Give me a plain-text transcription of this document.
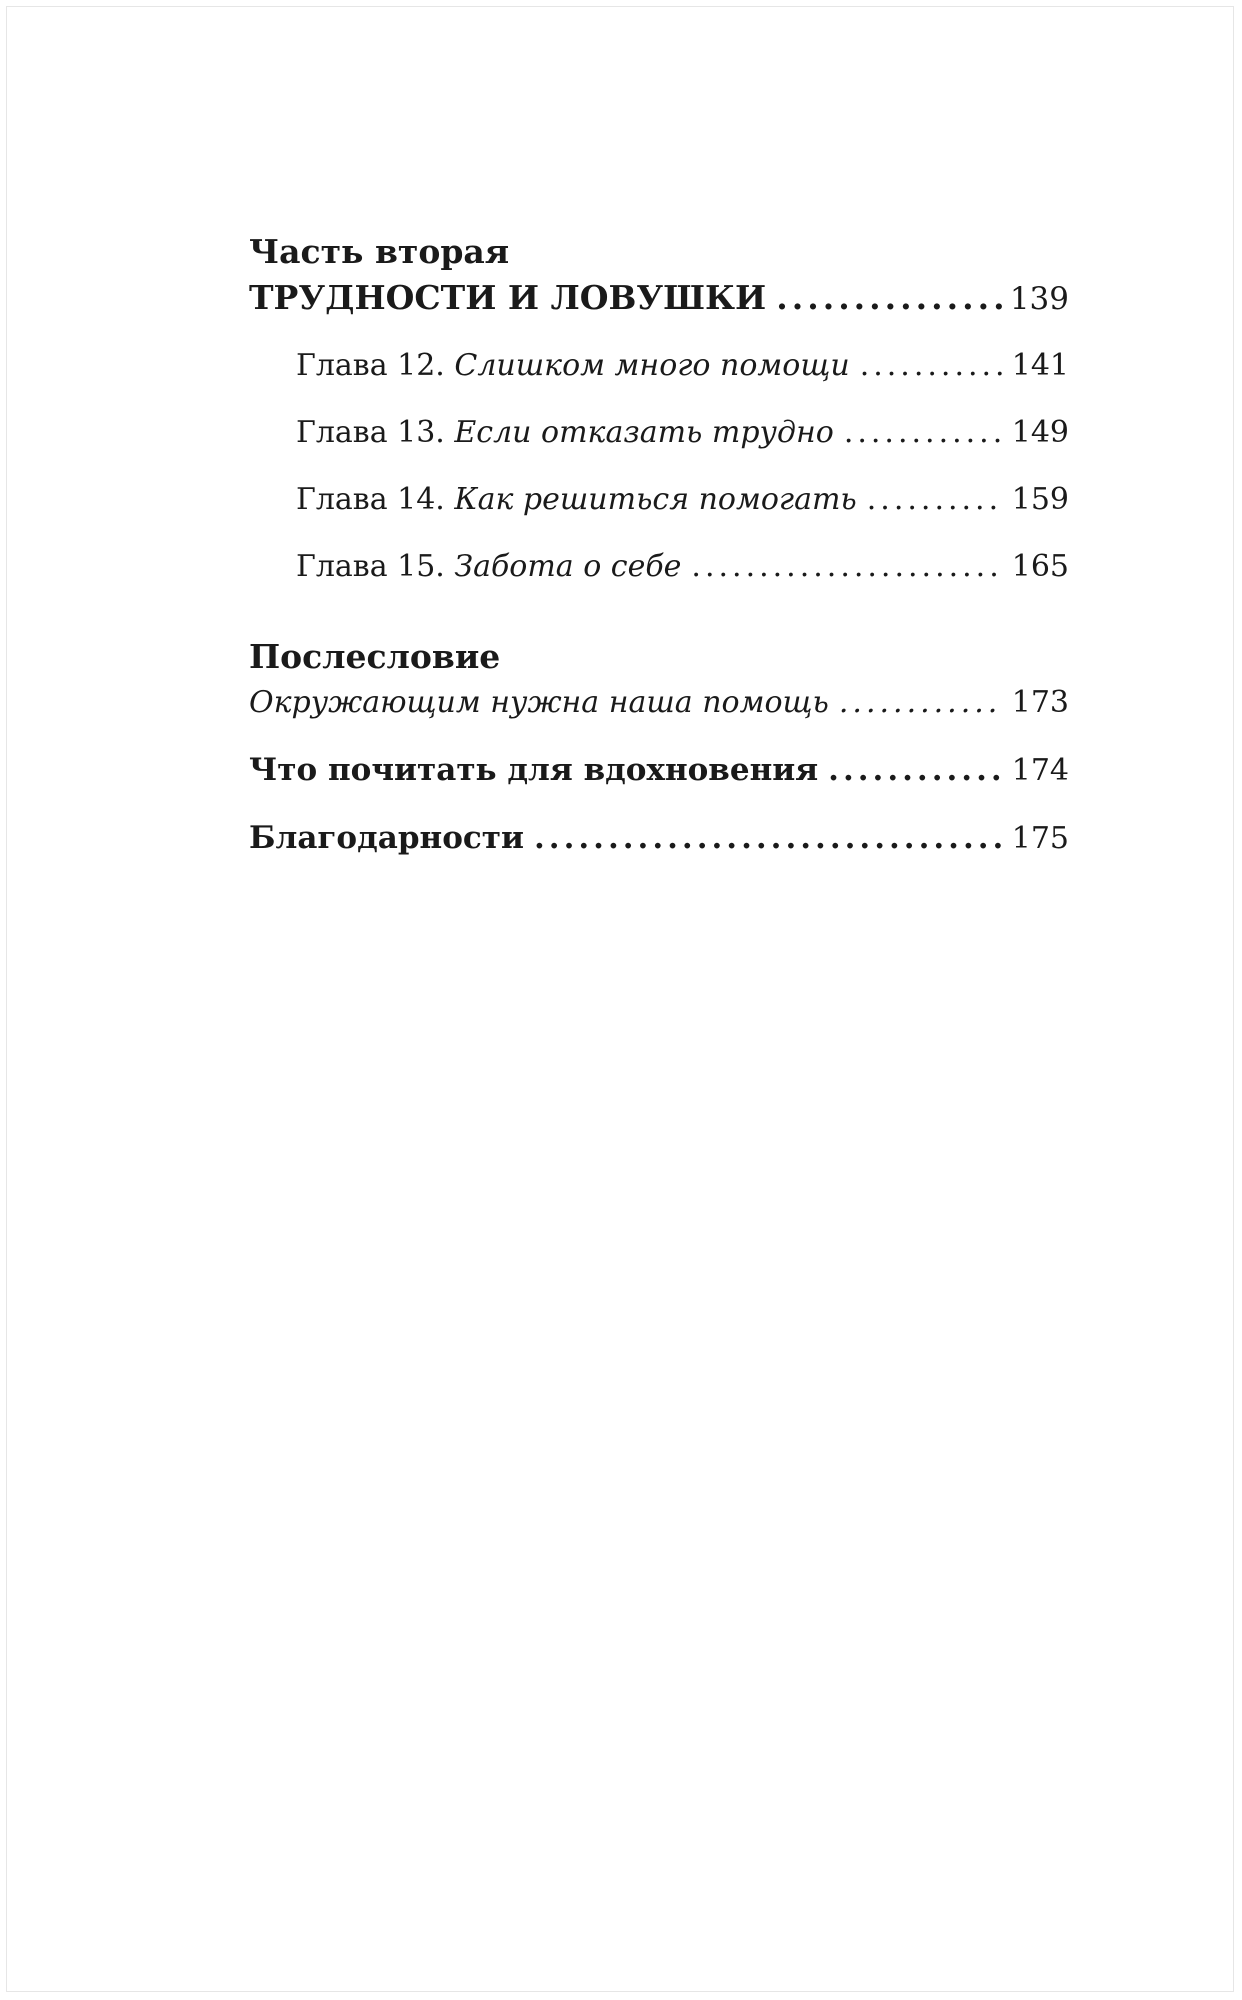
Часть вторая
ТРУДНОСТИ И ЛОВУШКИ .....	139
Глава 12. Слишком много помощи .....	141
Глава 13. Если отказать трудно .....	149
Глава 14. Как решиться помогать .....	159
Глава 15. Забота о себе .....	165
Послесловие
Окружающим нужна наша помощь .....	173
Что почитать для вдохновения .....	174
Благодарности .....	175
